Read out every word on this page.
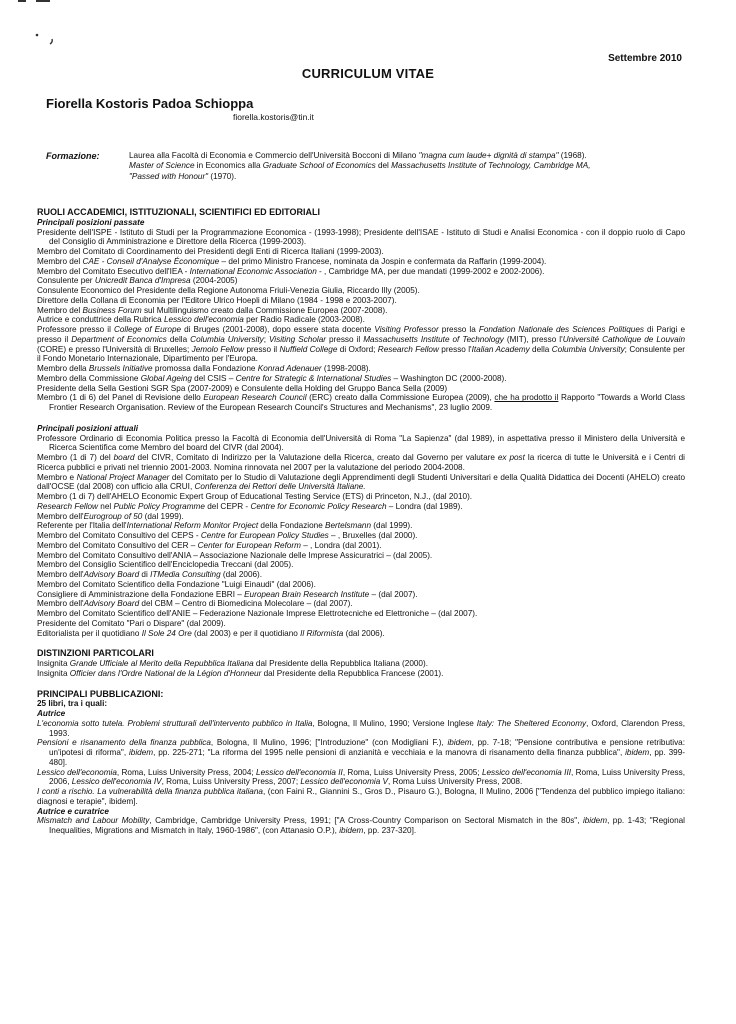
Settembre 2010
CURRICULUM VITAE
Fiorella Kostoris Padoa Schioppa
fiorella.kostoris@tin.it
Formazione:	Laurea alla Facoltà di Economia e Commercio dell'Università Bocconi di Milano "magna cum laude+ dignità di stampa" (1968).

Master of Science in Economics alla Graduate School of Economics del Massachusetts Institute of Technology, Cambridge MA,
"Passed with Honour" (1970).

RUOLI ACCADEMICI, ISTITUZIONALI, SCIENTIFICI ED EDITORIALI

Principali posizioni passate

Presidente dell'ISPE - Istituto di Studi per la Programmazione Economica - (1993-1998); Presidente dell'ISAE - Istituto di Studi e Analisi Economica - con il doppio ruolo di Capo del Consiglio di Amministrazione e Direttore della Ricerca (1999-2003).

Membro del Comitato di Coordinamento dei Presidenti degli Enti di Ricerca Italiani (1999-2003).

Membro del CAE - Conseil d'Analyse Économique – del primo Ministro Francese, nominata da Jospin e confermata da Raffarin (1999-2004).

Membro del Comitato Esecutivo dell'IEA - International Economic Association - , Cambridge MA, per due mandati (1999-2002 e 2002-2006).

Consulente per Unicredit Banca d'Impresa (2004-2005)

Consulente Economico del Presidente della Regione Autonoma Friuli-Venezia Giulia, Riccardo Illy (2005).

Direttore della Collana di Economia per l'Editore Ulrico Hoepli di Milano (1984 - 1998 e 2003-2007).

Membro del Business Forum sul Multilinguismo creato dalla Commissione Europea (2007-2008).

Autrice e conduttrice della Rubrica Lessico dell'economia per Radio Radicale (2003-2008).

Professore presso il College of Europe di Bruges (2001-2008), dopo essere stata docente Visiting Professor presso la Fondation Nationale des Sciences Politiques di Parigi e presso il Department of Economics della Columbia University; Visiting Scholar presso il Massachusetts Institute of Technology (MIT), presso l'Université Catholique de Louvain (CORE) e presso l'Università di Bruxelles; Jemolo Fellow presso il Nuffield College di Oxford; Research Fellow presso l'Italian Academy della Columbia University; Consulente per il Fondo Monetario Internazionale, Dipartimento per l'Europa.

Membro della Brussels Initiative promossa dalla Fondazione Konrad Adenauer (1998-2008).

Membro della Commissione Global Ageing del CSIS – Centre for Strategic & International Studies – Washington DC (2000-2008).

Presidente della Sella Gestioni SGR Spa (2007-2009) e Consulente della Holding del Gruppo Banca Sella (2009)

Membro (1 di 6) del Panel di Revisione dello European Research Council (ERC) creato dalla Commissione Europea (2009), che ha prodotto il Rapporto "Towards a World Class Frontier Research Organisation. Review of the European Research Council's Structures and Mechanisms", 23 luglio 2009.

Principali posizioni attuali

Professore Ordinario di Economia Politica presso la Facoltà di Economia dell'Università di Roma "La Sapienza" (dal 1989), in aspettativa presso il Ministero della Università e Ricerca Scientifica come Membro del board del CIVR (dal 2004).

Membro (1 di 7) del board del CIVR, Comitato di Indirizzo per la Valutazione della Ricerca, creato dal Governo per valutare ex post la ricerca di tutte le Università e i Centri di Ricerca pubblici e privati nel triennio 2001-2003. Nomina rinnovata nel 2007 per la valutazione del periodo 2004-2008.

Membro e National Project Manager del Comitato per lo Studio di Valutazione degli Apprendimenti degli Studenti Universitari e della Qualità Didattica dei Docenti (AHELO) creato dall'OCSE (dal 2008) con ufficio alla CRUI, Conferenza dei Rettori delle Università Italiane.

Membro (1 di 7) dell'AHELO Economic Expert Group of Educational Testing Service (ETS) di Princeton, N.J., (dal 2010).

Research Fellow nel Public Policy Programme del CEPR - Centre for Economic Policy Research – Londra (dal 1989).

Membro dell'Eurogroup of 50 (dal 1999).

Referente per l'Italia dell'International Reform Monitor Project della Fondazione Bertelsmann (dal 1999).

Membro del Comitato Consultivo del CEPS - Centre for European Policy Studies – , Bruxelles (dal 2000).

Membro del Comitato Consultivo del CER – Center for European Reform – , Londra (dal 2001).

Membro del Comitato Consultivo dell'ANIA – Associazione Nazionale delle Imprese Assicuratrici – (dal 2005).

Membro del Consiglio Scientifico dell'Enciclopedia Treccani (dal 2005).

Membro dell'Advisory Board di ITMedia Consulting (dal 2006).

Membro del Comitato Scientifico della Fondazione "Luigi Einaudi" (dal 2006).

Consigliere di Amministrazione della Fondazione EBRI – European Brain Research Institute – (dal 2007).

Membro dell'Advisory Board del CBM – Centro di Biomedicina Molecolare – (dal 2007).

Membro del Comitato Scientifico dell'ANIE – Federazione Nazionale Imprese Elettrotecniche ed Elettroniche – (dal 2007).

Presidente del Comitato "Pari o Dispare" (dal 2009).

Editorialista per il quotidiano Il Sole 24 Ore (dal 2003) e per il quotidiano Il Riformista (dal 2006).

DISTINZIONI PARTICOLARI

Insignita Grande Ufficiale al Merito della Repubblica Italiana dal Presidente della Repubblica Italiana (2000).

Insignita Officier dans l'Ordre National de la Légion d'Honneur dal Presidente della Repubblica Francese (2001).

PRINCIPALI PUBBLICAZIONI:

25 libri, tra i quali:

Autrice

L'economia sotto tutela. Problemi strutturali dell'intervento pubblico in Italia, Bologna, Il Mulino, 1990; Versione Inglese Italy: The Sheltered Economy, Oxford, Clarendon Press, 1993.

Pensioni e risanamento della finanza pubblica, Bologna, Il Mulino, 1996; ["Introduzione" (con Modigliani F.), ibidem, pp. 7-18; "Pensione contributiva e pensione retributiva: un'ipotesi di riforma", ibidem, pp. 225-271; "La riforma del 1995 nelle pensioni di anzianità e vecchiaia e la manovra di risanamento della finanza pubblica", ibidem, pp. 399-480].

Lessico dell'economia, Roma, Luiss University Press, 2004; Lessico dell'economia II, Roma, Luiss University Press, 2005; Lessico dell'economia III, Roma, Luiss University Press, 2006, Lessico dell'economia IV, Roma, Luiss University Press, 2007; Lessico dell'economia V, Roma Luiss University Press, 2008.

I conti a rischio. La vulnerabilità della finanza pubblica italiana, (con Faini R., Giannini S., Gros D., Pisauro G.), Bologna, Il Mulino, 2006 ["Tendenza del pubblico impiego italiano: diagnosi e terapie", ibidem].

Autrice e curatrice

Mismatch and Labour Mobility, Cambridge, Cambridge University Press, 1991; ["A Cross-Country Comparison on Sectoral Mismatch in the 80s", ibidem, pp. 1-43; "Regional Inequalities, Migrations and Mismatch in Italy, 1960-1986", (con Attanasio O.P.), ibidem, pp. 237-320].
